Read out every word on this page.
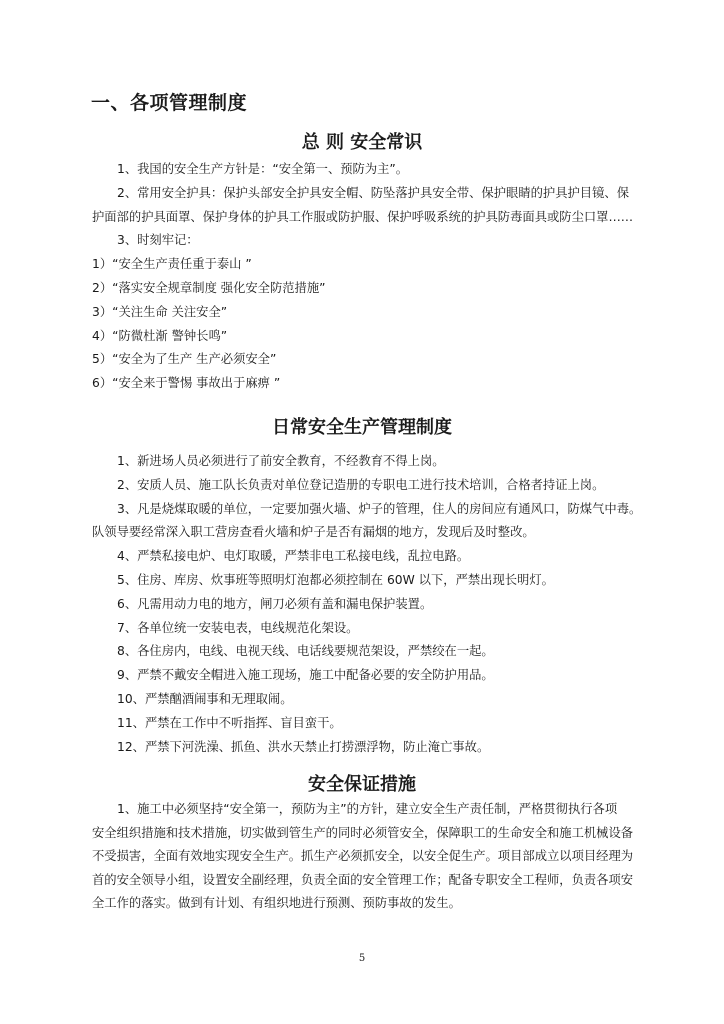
一、各项管理制度
总 则 安全常识
1、我国的安全生产方针是：“安全第一、预防为主”。
2、常用安全护具：保护头部安全护具安全帽、防坠落护具安全带、保护眼睛的护具护目镜、保
护面部的护具面罩、保护身体的护具工作服或防护服、保护呼吸系统的护具防毒面具或防尘口罩……
3、时刻牢记：
1）“安全生产责任重于泰山 ”
2）“落实安全规章制度 强化安全防范措施”
3）“关注生命 关注安全”
4）“防微杜渐 警钟长鸣”
5）“安全为了生产 生产必须安全”
6）“安全来于警惕 事故出于麻痹 ”
日常安全生产管理制度
1、新进场人员必须进行了前安全教育，不经教育不得上岗。
2、安质人员、施工队长负责对单位登记造册的专职电工进行技术培训，合格者持证上岗。
3、凡是烧煤取暖的单位，一定要加强火墙、炉子的管理，住人的房间应有通风口，防煤气中毒。
队领导要经常深入职工营房查看火墙和炉子是否有漏烟的地方，发现后及时整改。
4、严禁私接电炉、电灯取暖，严禁非电工私接电线，乱拉电路。
5、住房、库房、炊事班等照明灯泡都必须控制在 60W 以下，严禁出现长明灯。
6、凡需用动力电的地方，闸刀必须有盖和漏电保护装置。
7、各单位统一安装电表，电线规范化架设。
8、各住房内，电线、电视天线、电话线要规范架设，严禁绞在一起。
9、严禁不戴安全帽进入施工现场，施工中配备必要的安全防护用品。
10、严禁酗酒闹事和无理取闹。
11、严禁在工作中不听指挥、盲目蛮干。
12、严禁下河洗澡、抓鱼、洪水天禁止打捞漂浮物，防止淹亡事故。
安全保证措施
1、施工中必须坚持“安全第一，预防为主”的方针，建立安全生产责任制，严格贯彻执行各项
安全组织措施和技术措施，切实做到管生产的同时必须管安全，保障职工的生命安全和施工机械设备
不受损害，全面有效地实现安全生产。抓生产必须抓安全，以安全促生产。项目部成立以项目经理为
首的安全领导小组，设置安全副经理，负责全面的安全管理工作；配备专职安全工程师，负责各项安
全工作的落实。做到有计划、有组织地进行预测、预防事故的发生。
5
